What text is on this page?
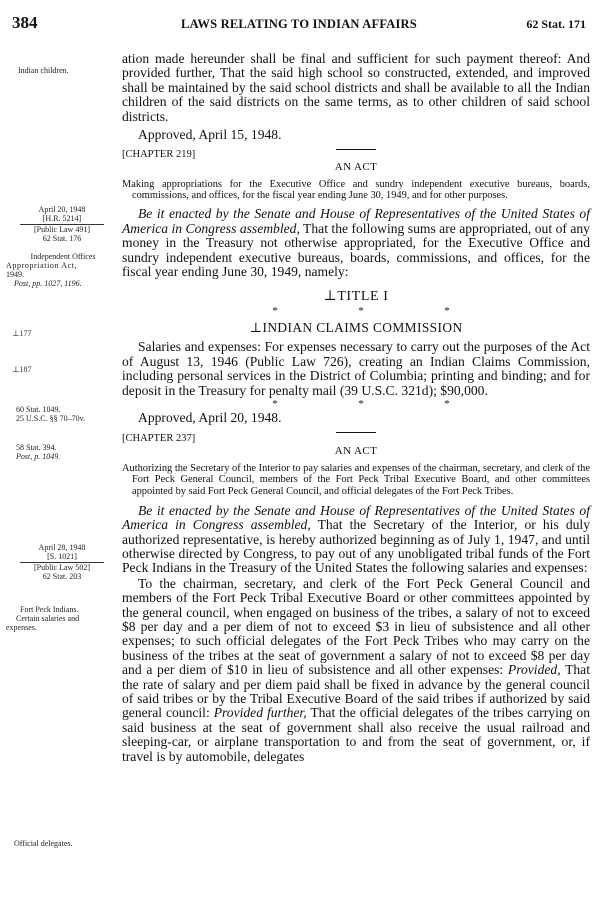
384	LAWS RELATING TO INDIAN AFFAIRS	62 Stat. 171
Indian children.
April 20, 1948
[H.R. 5214]
[Public Law 491]
62 Stat. 176
Independent Offices
Appropriation Act,
1949.
Post, pp. 1027, 1196.
⊥177
⊥187
60 Stat. 1049.
25 U.S.C. §§ 70–70v.
58 Stat. 394.
Post, p. 1049.
April 28, 1948
[S. 1021]
[Public Law 502]
62 Stat. 203
Fort Peck Indians.
Certain salaries and
expenses.
Official delegates.

ation made hereunder shall be final and sufficient for such payment thereof: And provided further, That the said high school so constructed, extended, and improved shall be maintained by the said school districts and shall be available to all the Indian children of the said districts on the same terms, as to other children of said school districts.

Approved, April 15, 1948.

[CHAPTER 219]

AN ACT

Making appropriations for the Executive Office and sundry independent executive bureaus, boards, commissions, and offices, for the fiscal year ending June 30, 1949, and for other purposes.

Be it enacted by the Senate and House of Representatives of the United States of America in Congress assembled, That the following sums are appropriated, out of any money in the Treasury not otherwise appropriated, for the Executive Office and sundry independent executive bureaus, boards, commissions, and offices, for the fiscal year ending June 30, 1949, namely:

⊥TITLE I

*	*	*

⊥INDIAN CLAIMS COMMISSION

Salaries and expenses: For expenses necessary to carry out the purposes of the Act of August 13, 1946 (Public Law 726), creating an Indian Claims Commission, including personal services in the District of Columbia; printing and binding; and for deposit in the Treasury for penalty mail (39 U.S.C. 321d); $90,000.

*	*	*

Approved, April 20, 1948.

[CHAPTER 237]

AN ACT

Authorizing the Secretary of the Interior to pay salaries and expenses of the chairman, secretary, and clerk of the Fort Peck General Council, members of the Fort Peck Tribal Executive Board, and other committees appointed by said Fort Peck General Council, and official delegates of the Fort Peck Tribes.

Be it enacted by the Senate and House of Representatives of the United States of America in Congress assembled, That the Secretary of the Interior, or his duly authorized representative, is hereby authorized beginning as of July 1, 1947, and until otherwise directed by Congress, to pay out of any unobligated tribal funds of the Fort Peck Indians in the Treasury of the United States the following salaries and expenses:

To the chairman, secretary, and clerk of the Fort Peck General Council and members of the Fort Peck Tribal Executive Board or other committees appointed by the general council, when engaged on business of the tribes, a salary of not to exceed $8 per day and a per diem of not to exceed $3 in lieu of subsistence and all other expenses; to such official delegates of the Fort Peck Tribes who may carry on the business of the tribes at the seat of government a salary of not to exceed $8 per day and a per diem of $10 in lieu of subsistence and all other expenses: Provided, That the rate of salary and per diem paid shall be fixed in advance by the general council of said tribes or by the Tribal Executive Board of the said tribes if authorized by said general council: Provided further, That the official delegates of the tribes carrying on said business at the seat of government shall also receive the usual railroad and sleeping-car, or airplane transportation to and from the seat of government, or, if travel is by automobile, delegates
